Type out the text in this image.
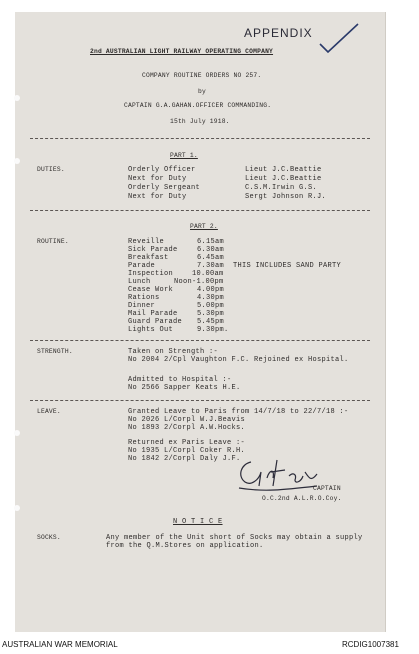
APPENDIX
2nd AUSTRALIAN LIGHT RAILWAY OPERATING COMPANY
COMPANY ROUTINE ORDERS NO 257.
by
CAPTAIN G.A.GAHAN.OFFICER COMMANDING.
15th July 1918.
PART 1.
DUTIES.	Orderly Officer	Lieut J.C.Beattie
Next for Duty	Lieut J.C.Beattie
Orderly Sergeant	C.S.M.Irwin G.S.
Next for Duty	Sergt Johnson R.J.
PART 2.
ROUTINE.	Reveille	6.15am
Sick Parade	6.30am
Breakfast	6.45am
Parade	7.30am
Inspection	10.00am
Lunch	Noon-1.00pm
Cease Work	4.00pm
Rations	4.30pm
Dinner	5.00pm
Mail Parade	5.30pm
Guard Parade 5.45pm
Lights Out	9.30pm.
THIS INCLUDES SAND PARTY
STRENGTH.	Taken on Strength :-
No 2004 2/Cpl Vaughton F.C. Rejoined ex Hospital.
Admitted to Hospital :-
No 2566 Sapper Keats H.E.
LEAVE.	Granted Leave to Paris from 14/7/18 to 22/7/18 :-
No 2026 L/Corpl W.J.Beavis
No 1893 2/Corpl A.W.Hocks.
Returned ex Paris Leave :-
No 1935 L/Corpl Coker R.H.
No 1842 2/Corpl Daly J.F.
CAPTAIN
O.C.2nd A.L.R.O.Coy.
N O T I C E
SOCKS.	Any member of the Unit short of Socks may obtain a supply
from the Q.M.Stores on application.
AUSTRALIAN WAR MEMORIAL	RCDIG1007381
